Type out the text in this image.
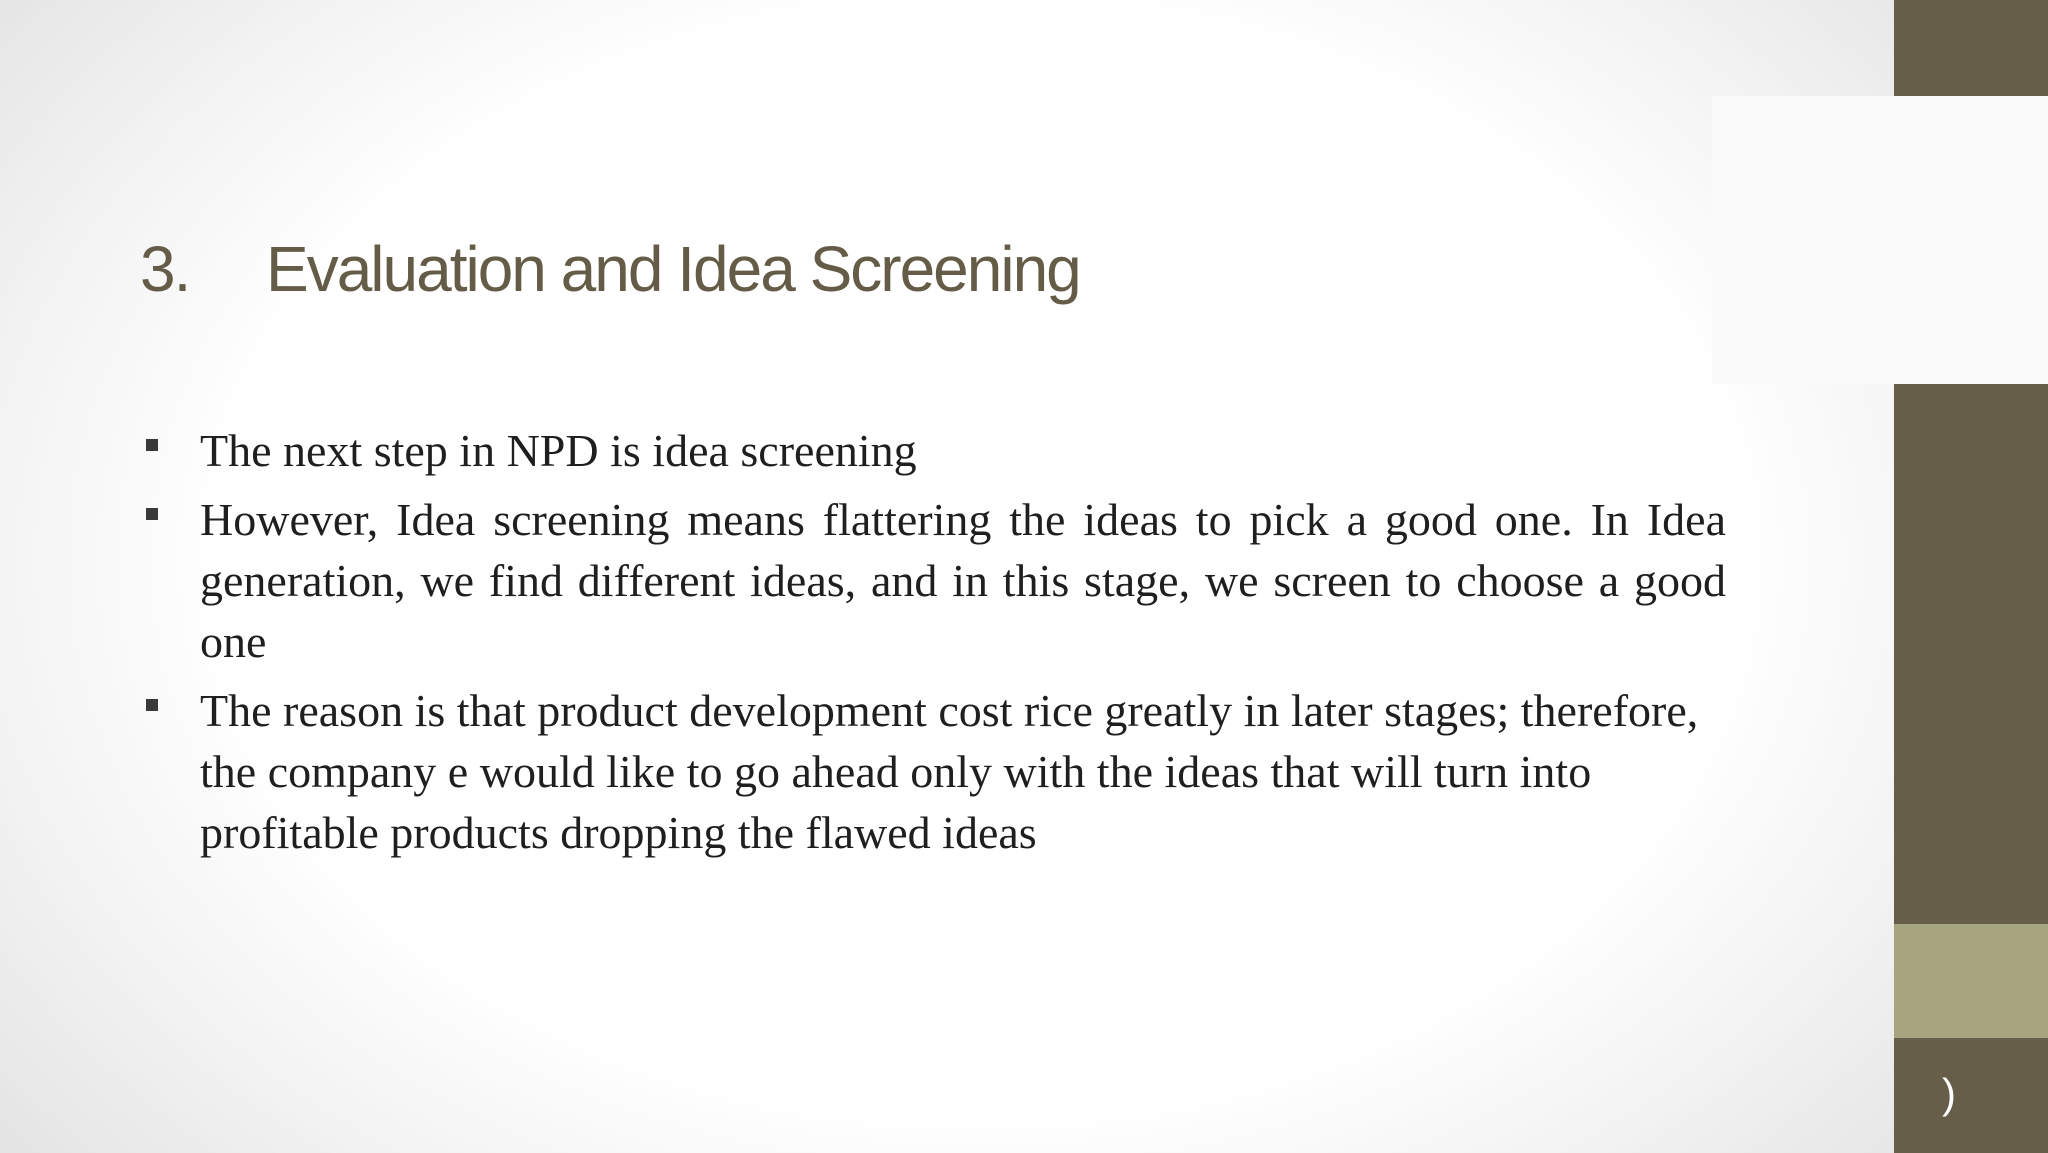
)
3. Evaluation and Idea Screening
The next step in NPD is idea screening
However, Idea screening means flattering the ideas to pick a good one. In Idea generation, we find different ideas, and in this stage, we screen to choose a good one
The reason is that product development cost rice greatly in later stages; therefore, the company e would like to go ahead only with the ideas that will turn into profitable products dropping the flawed ideas
